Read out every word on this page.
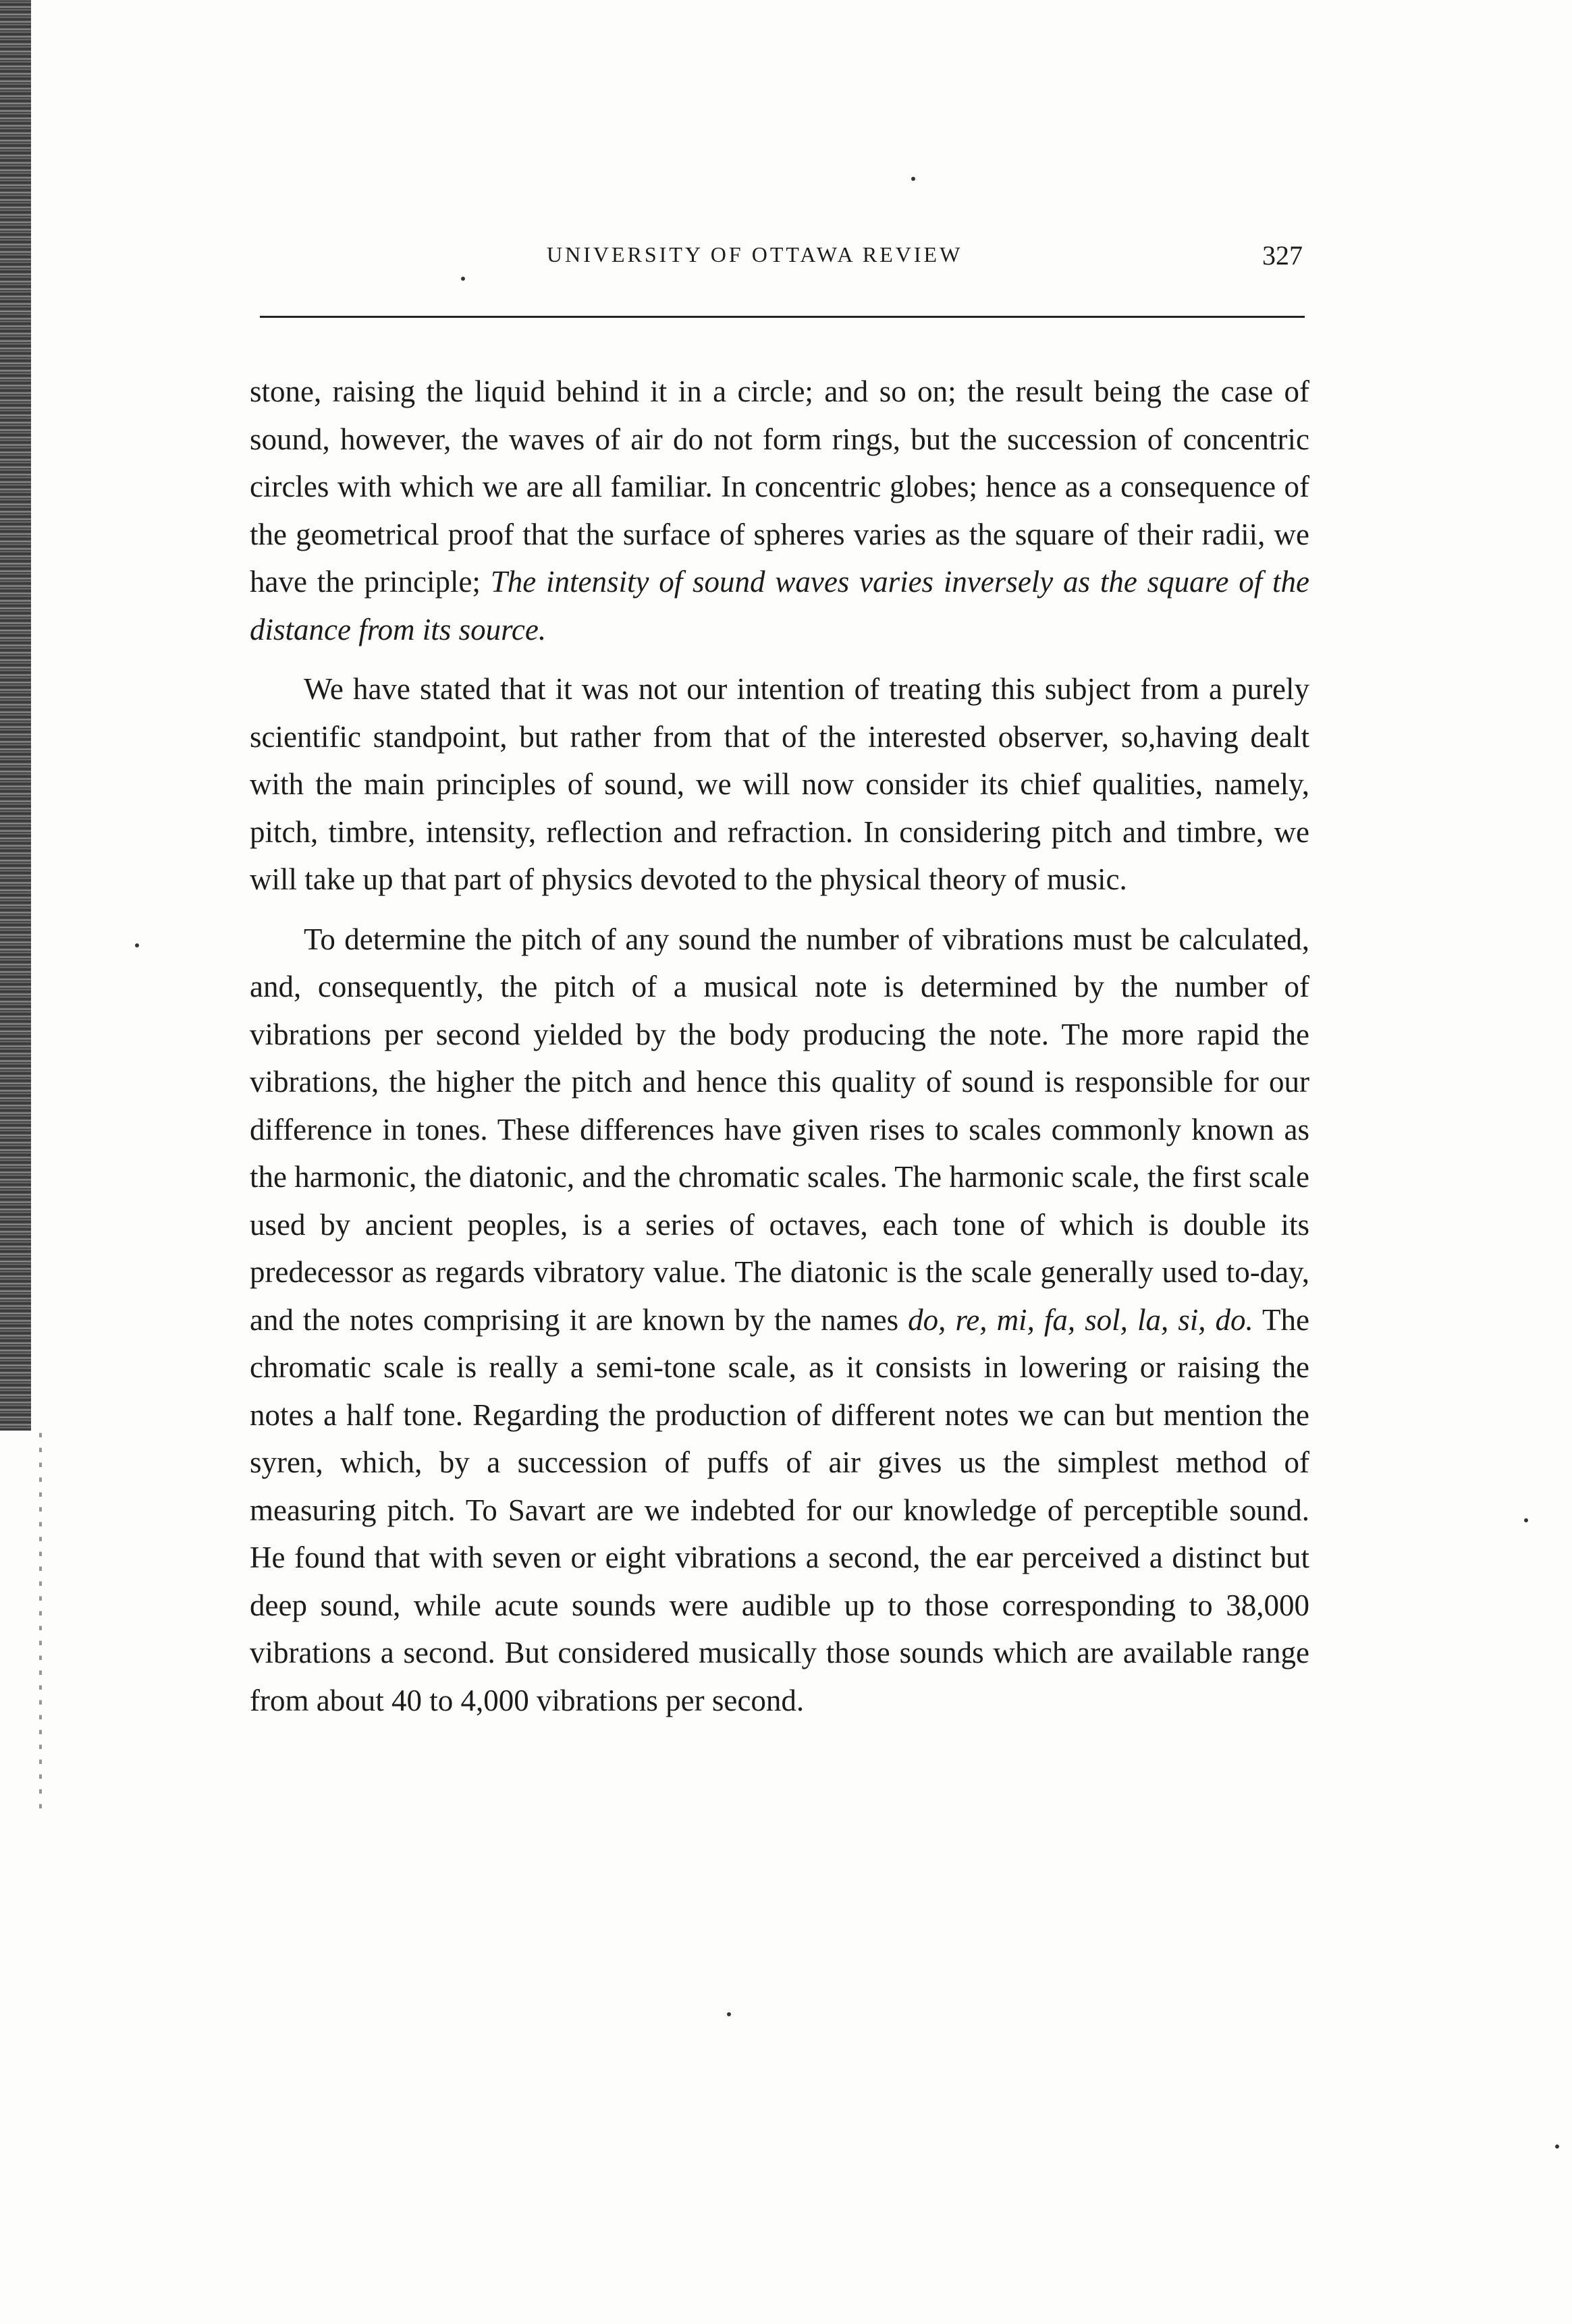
UNIVERSITY OF OTTAWA REVIEW	327

stone, raising the liquid behind it in a circle; and so on; the result being the case of sound, however, the waves of air do not form rings, but the succession of concentric circles with which we are all familiar. In concentric globes; hence as a consequence of the geometrical proof that the surface of spheres varies as the square of their radii, we have the principle; The intensity of sound waves varies inversely as the square of the distance from its source.

We have stated that it was not our intention of treating this subject from a purely scientific standpoint, but rather from that of the interested observer, so,having dealt with the main principles of sound, we will now consider its chief qualities, namely, pitch, timbre, intensity, reflection and refraction. In considering pitch and timbre, we will take up that part of physics devoted to the physical theory of music.

To determine the pitch of any sound the number of vibrations must be calculated, and, consequently, the pitch of a musical note is determined by the number of vibrations per second yielded by the body producing the note. The more rapid the vibrations, the higher the pitch and hence this quality of sound is responsible for our difference in tones. These differences have given rises to scales commonly known as the harmonic, the diatonic, and the chromatic scales. The harmonic scale, the first scale used by ancient peoples, is a series of octaves, each tone of which is double its predecessor as regards vibratory value. The diatonic is the scale generally used to-day, and the notes comprising it are known by the names do, re, mi, fa, sol, la, si, do. The chromatic scale is really a semi-tone scale, as it consists in lowering or raising the notes a half tone. Regarding the production of different notes we can but mention the syren, which, by a succession of puffs of air gives us the simplest method of measuring pitch. To Savart are we indebted for our knowledge of perceptible sound. He found that with seven or eight vibrations a second, the ear perceived a distinct but deep sound, while acute sounds were audible up to those corresponding to 38,000 vibrations a second. But considered musically those sounds which are available range from about 40 to 4,000 vibrations per second.
